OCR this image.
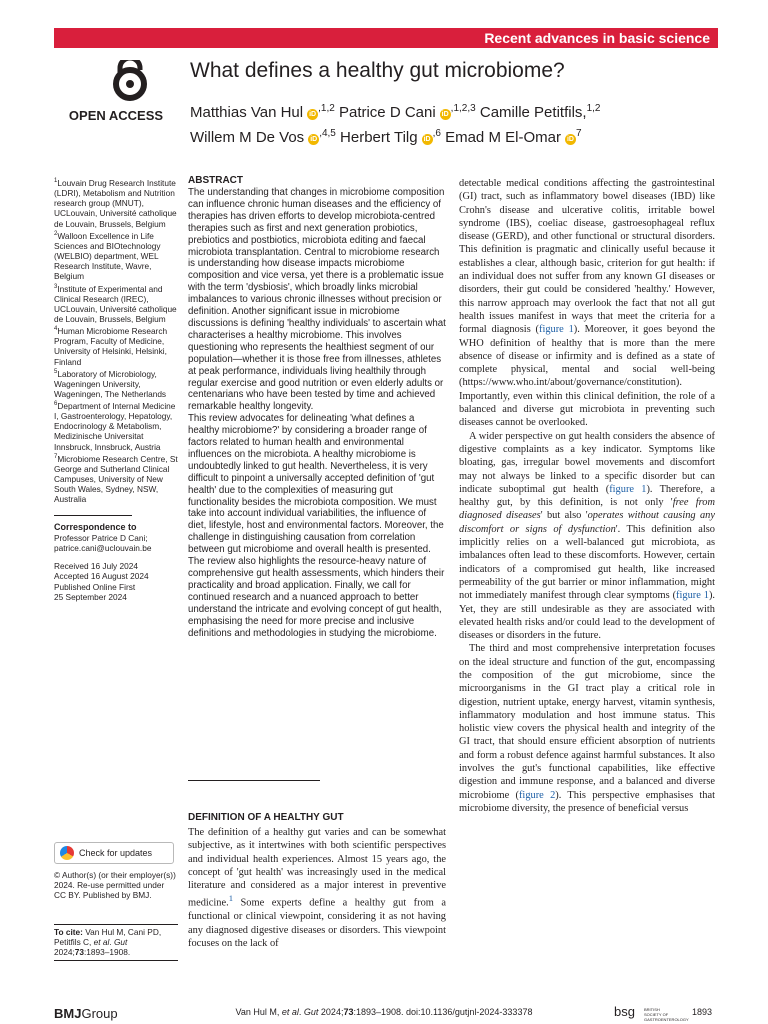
Recent advances in basic science
OPEN ACCESS
What defines a healthy gut microbiome?
Matthias Van Hul $iD^{,1,2}$ Patrice D Cani $iD^{,1,2,3}$ Camille Petitfils,$^{1,2}$
Willem M De Vos $iD^{,4,5}$ Herbert Tilg $iD^{,6}$ Emad M El-Omar $iD^7$

$^1$Louvain Drug Research Institute (LDRI), Metabolism and Nutrition research group (MNUT), UCLouvain, Université catholique de Louvain, Brussels, Belgium

$^2$Walloon Excellence in Life Sciences and BIOtechnology (WELBIO) department, WEL Research Institute, Wavre, Belgium

$^3$Institute of Experimental and Clinical Research (IREC), UCLouvain, Université catholique de Louvain, Brussels, Belgium

$^4$Human Microbiome Research Program, Faculty of Medicine, University of Helsinki, Helsinki, Finland

$^5$Laboratory of Microbiology, Wageningen University, Wageningen, The Netherlands

$^6$Department of Internal Medicine I, Gastroenterology, Hepatology, Endocrinology & Metabolism, Medizinische Universitat Innsbruck, Innsbruck, Austria

$^7$Microbiome Research Centre, St George and Sutherland Clinical Campuses, University of New South Wales, Sydney, NSW, Australia

Correspondence to
Professor Patrice D Cani;
patrice.cani@uclouvain.be
Received 16 July 2024
Accepted 16 August 2024
Published Online First
25 September 2024
Check for updates
© Author(s) (or their employer(s)) 2024. Re-use permitted under CC BY. Published by BMJ.
To cite: Van Hul M, Cani PD, Petitfils C, et al. Gut 2024;73:1893–1908.
ABSTRACT

The understanding that changes in microbiome composition can influence chronic human diseases and the efficiency of therapies has driven efforts to develop microbiota-centred therapies such as first and next generation probiotics, prebiotics and postbiotics, microbiota editing and faecal microbiota transplantation. Central to microbiome research is understanding how disease impacts microbiome composition and vice versa, yet there is a problematic issue with the term 'dysbiosis', which broadly links microbial imbalances to various chronic illnesses without precision or definition. Another significant issue in microbiome discussions is defining 'healthy individuals' to ascertain what characterises a healthy microbiome. This involves questioning who represents the healthiest segment of our population—whether it is those free from illnesses, athletes at peak performance, individuals living healthily through regular exercise and good nutrition or even elderly adults or centenarians who have been tested by time and achieved remarkable healthy longevity.

This review advocates for delineating 'what defines a healthy microbiome?' by considering a broader range of factors related to human health and environmental influences on the microbiota. A healthy microbiome is undoubtedly linked to gut health. Nevertheless, it is very difficult to pinpoint a universally accepted definition of 'gut health' due to the complexities of measuring gut functionality besides the microbiota composition. We must take into account individual variabilities, the influence of diet, lifestyle, host and environmental factors. Moreover, the challenge in distinguishing causation from correlation between gut microbiome and overall health is presented.

The review also highlights the resource-heavy nature of comprehensive gut health assessments, which hinders their practicality and broad application. Finally, we call for continued research and a nuanced approach to better understand the intricate and evolving concept of gut health, emphasising the need for more precise and inclusive definitions and methodologies in studying the microbiome.

DEFINITION OF A HEALTHY GUT

The definition of a healthy gut varies and can be somewhat subjective, as it intertwines with both scientific perspectives and individual health experiences. Almost 15 years ago, the concept of 'gut health' was increasingly used in the medical literature and considered as a major interest in preventive medicine.$^1$ Some experts define a healthy gut from a functional or clinical viewpoint, considering it as not having any diagnosed digestive diseases or disorders. This viewpoint focuses on the lack of

detectable medical conditions affecting the gastrointestinal (GI) tract, such as inflammatory bowel diseases (IBD) like Crohn's disease and ulcerative colitis, irritable bowel syndrome (IBS), coeliac disease, gastroesophageal reflux disease (GERD), and other functional or structural disorders. This definition is pragmatic and clinically useful because it establishes a clear, although basic, criterion for gut health: if an individual does not suffer from any known GI diseases or disorders, their gut could be considered 'healthy.' However, this narrow approach may overlook the fact that not all gut health issues manifest in ways that meet the criteria for a formal diagnosis (figure 1). Moreover, it goes beyond the WHO definition of healthy that is more than the mere absence of disease or infirmity and is defined as a state of complete physical, mental and social well-being (https://www.who.int/about/governance/constitution). Importantly, even within this clinical definition, the role of a balanced and diverse gut microbiota in preventing such diseases cannot be overlooked.

A wider perspective on gut health considers the absence of digestive complaints as a key indicator. Symptoms like bloating, gas, irregular bowel movements and discomfort may not always be linked to a specific disorder but can indicate suboptimal gut health (figure 1). Therefore, a healthy gut, by this definition, is not only 'free from diagnosed diseases' but also 'operates without causing any discomfort or signs of dysfunction'. This definition also implicitly relies on a well-balanced gut microbiota, as imbalances often lead to these discomforts. However, certain indicators of a compromised gut health, like increased permeability of the gut barrier or minor inflammation, might not immediately manifest through clear symptoms (figure 1). Yet, they are still undesirable as they are associated with elevated health risks and/or could lead to the development of diseases or disorders in the future.

The third and most comprehensive interpretation focuses on the ideal structure and function of the gut, encompassing the composition of the gut microbiome, since the microorganisms in the GI tract play a critical role in digestion, nutrient uptake, energy harvest, vitamin synthesis, inflammatory modulation and host immune status. This holistic view covers the physical health and integrity of the GI tract, that should ensure efficient absorption of nutrients and form a robust defence against harmful substances. It also involves the gut's functional capabilities, like effective digestion and immune response, and a balanced and diverse microbiome (figure 2). This perspective emphasises that microbiome diversity, the presence of beneficial versus

BMJGroup	Van Hul M, et al. Gut 2024;73:1893–1908. doi:10.1136/gutjnl-2024-333378	bsg	BRITISH SOCIETY OF GASTROENTEROLOGY
1893
